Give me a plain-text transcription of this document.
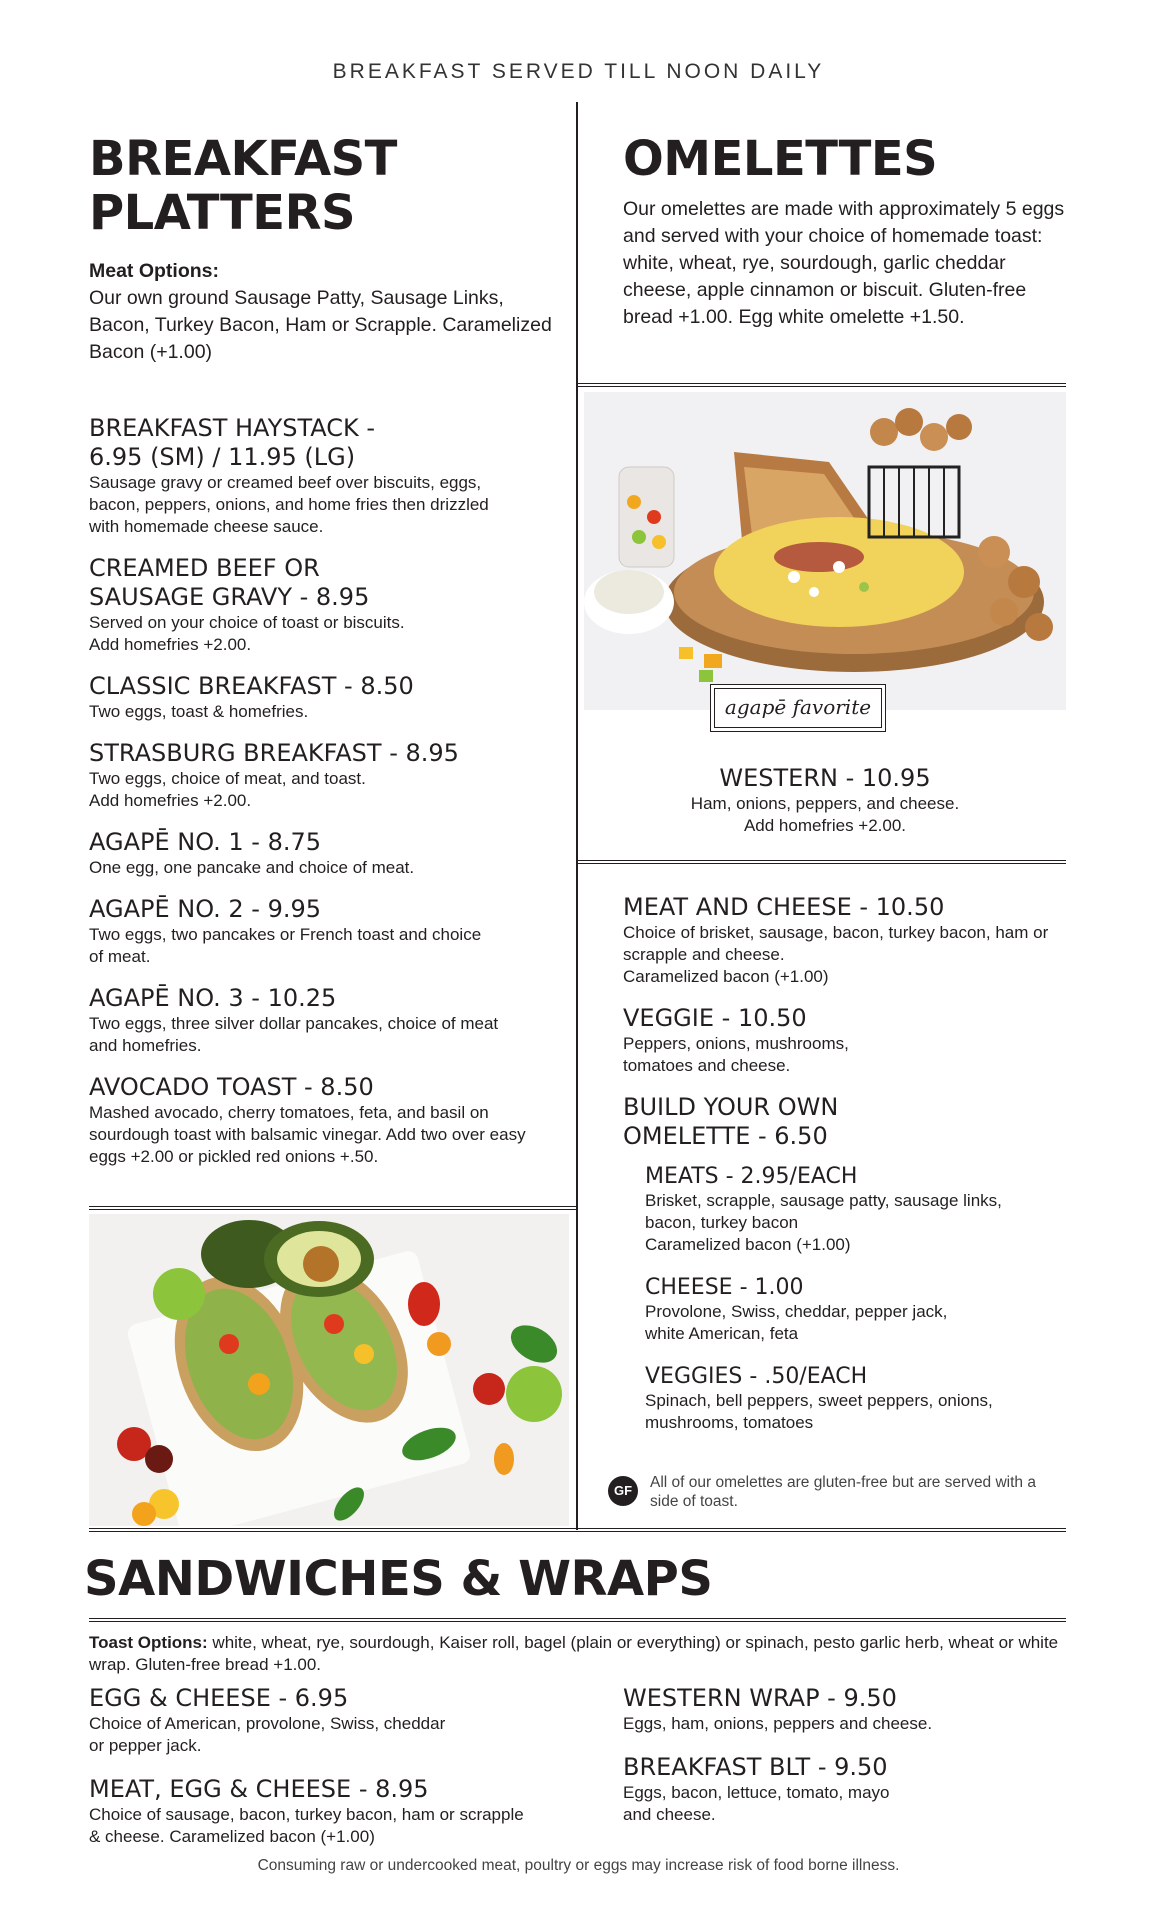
BREAKFAST SERVED TILL NOON DAILY
BREAKFAST
PLATTERS
Meat Options:
Our own ground Sausage Patty, Sausage Links, Bacon, Turkey Bacon, Ham or Scrapple. Caramelized Bacon (+1.00)
BREAKFAST HAYSTACK -
6.95 (SM) / 11.95 (LG)
Sausage gravy or creamed beef over biscuits, eggs, bacon, peppers, onions, and home fries then drizzled with homemade cheese sauce.
CREAMED BEEF OR
SAUSAGE GRAVY - 8.95
Served on your choice of toast or biscuits.
Add homefries +2.00.
CLASSIC BREAKFAST - 8.50
Two eggs, toast & homefries.
STRASBURG BREAKFAST - 8.95
Two eggs, choice of meat, and toast.
Add homefries +2.00.
AGAPĒ NO. 1 - 8.75
One egg, one pancake and choice of meat.
AGAPĒ NO. 2 - 9.95
Two eggs, two pancakes or French toast and choice of meat.
AGAPĒ NO. 3 - 10.25
Two eggs, three silver dollar pancakes, choice of meat and homefries.
AVOCADO TOAST - 8.50
Mashed avocado, cherry tomatoes, feta, and basil on sourdough toast with balsamic vinegar. Add two over easy eggs +2.00 or pickled red onions +.50.
OMELETTES
Our omelettes are made with approximately 5 eggs and served with your choice of homemade toast: white, wheat, rye, sourdough, garlic cheddar cheese, apple cinnamon or biscuit. Gluten-free bread +1.00. Egg white omelette +1.50.
agapē favorite
WESTERN - 10.95
Ham, onions, peppers, and cheese.
Add homefries +2.00.
MEAT AND CHEESE - 10.50
Choice of brisket, sausage, bacon, turkey bacon, ham or scrapple and cheese.
Caramelized bacon (+1.00)
VEGGIE - 10.50
Peppers, onions, mushrooms,
tomatoes and cheese.
BUILD YOUR OWN
OMELETTE - 6.50
MEATS - 2.95/EACH
Brisket, scrapple, sausage patty, sausage links, bacon, turkey bacon
Caramelized bacon (+1.00)
CHEESE - 1.00
Provolone, Swiss, cheddar, pepper jack,
white American, feta
VEGGIES - .50/EACH
Spinach, bell peppers, sweet peppers, onions,
mushrooms, tomatoes
GF	All of our omelettes are gluten-free but are served with a side of toast.
SANDWICHES & WRAPS
Toast Options: white, wheat, rye, sourdough, Kaiser roll, bagel (plain or everything) or spinach, pesto garlic herb, wheat or white wrap. Gluten-free bread +1.00.
EGG & CHEESE - 6.95
Choice of American, provolone, Swiss, cheddar
or pepper jack.
MEAT, EGG & CHEESE - 8.95
Choice of sausage, bacon, turkey bacon, ham or scrapple
& cheese. Caramelized bacon (+1.00)
WESTERN WRAP - 9.50
Eggs, ham, onions, peppers and cheese.
BREAKFAST BLT - 9.50
Eggs, bacon, lettuce, tomato, mayo
and cheese.
Consuming raw or undercooked meat, poultry or eggs may increase risk of food borne illness.
